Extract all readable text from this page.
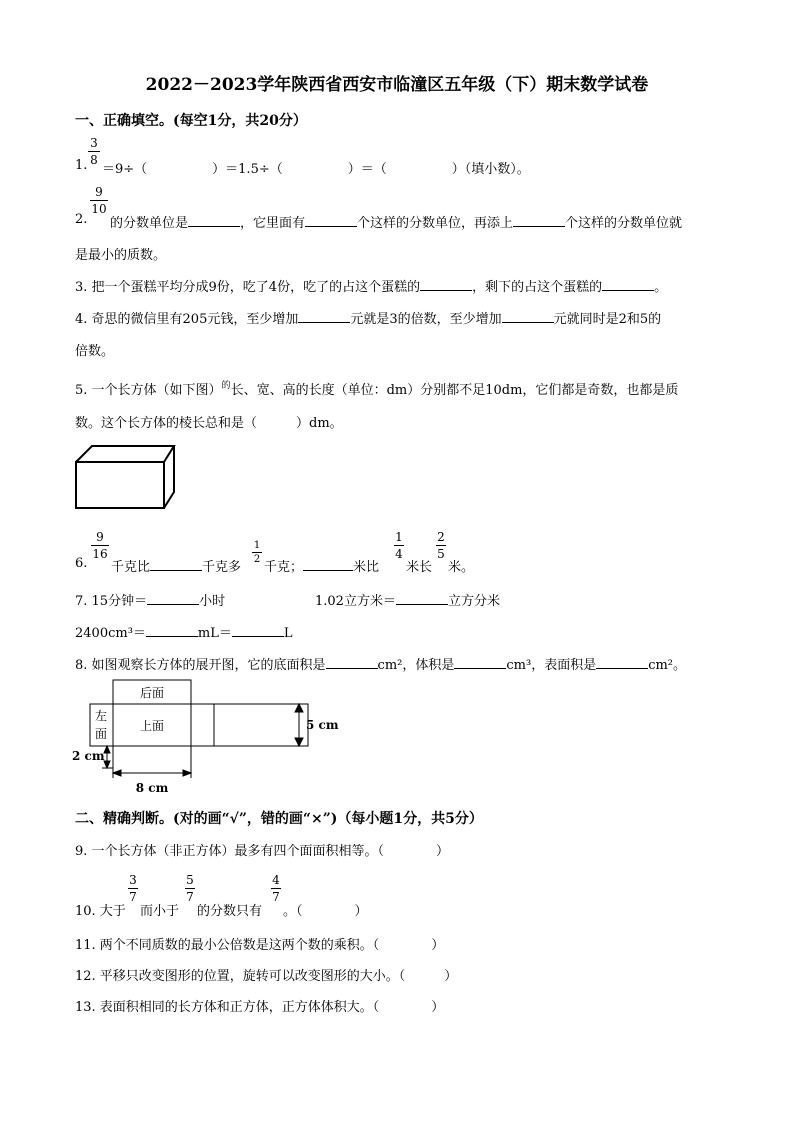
2022－2023学年陕西省西安市临潼区五年级（下）期末数学试卷
一、正确填空。(每空1分，共20分）
1.
3
8
＝9÷（　　　　　）＝1.5÷（　　　　　）＝（　　　　　）（填小数）。
2.
9
10
的分数单位是	，它里面有	个这样的分数单位，再添上	个这样的分数单位就
是最小的质数。
3. 把一个蛋糕平均分成9份，吃了4份，吃了的占这个蛋糕的	，剩下的占这个蛋糕的	。
4. 奇思的微信里有205元钱，至少增加	元就是3的倍数，至少增加	元就同时是2和5的
倍数。
5. 一个长方体（如下图）$^的$长、宽、高的长度（单位：dm）分别都不足10dm，它们都是奇数，也都是质
数。这个长方体的棱长总和是（　　　）dm。
6.
9
16
千克比	千克多
1
2
千克；	米比
1
4
米长
2
5
米。
7. 15分钟＝	小时	1.02立方米＝	立方分米
2400cm³＝	mL＝	L
8. 如图观察长方体的展开图，它的底面积是	cm²，体积是	cm³，表面积是	cm²。
后面
左
面
上面	5 cm
2 cm
8 cm
二、精确判断。(对的画“√”，错的画“×”)（每小题1分，共5分）
9. 一个长方体（非正方体）最多有四个面面积相等。（　　　　）
10. 大于
3
7
而小于
5
7
的分数只有
4
7
。（　　　　）
11. 两个不同质数的最小公倍数是这两个数的乘积。（　　　　）
12. 平移只改变图形的位置，旋转可以改变图形的大小。（　　　）
13. 表面积相同的长方体和正方体，正方体体积大。（　　　　）
